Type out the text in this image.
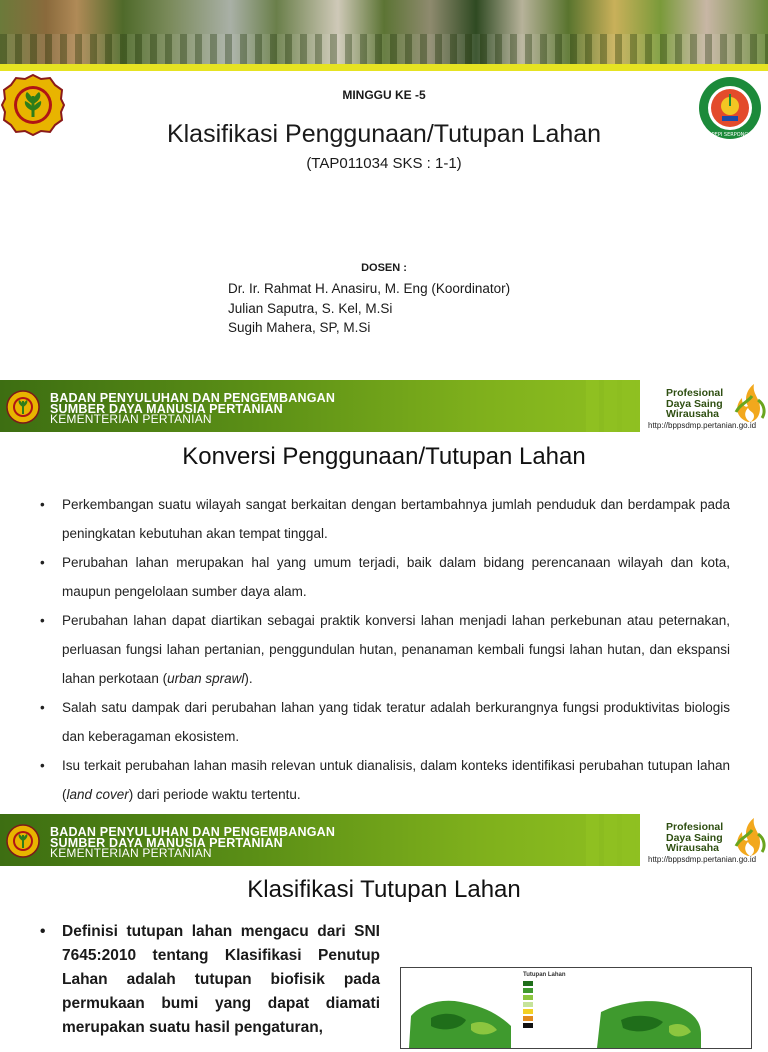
PEPI SERPONG
MINGGU KE -5
Klasifikasi Penggunaan/Tutupan Lahan
(TAP011034 SKS : 1-1)
DOSEN :
Dr. Ir. Rahmat H. Anasiru, M. Eng (Koordinator)
Julian Saputra, S. Kel, M.Si
Sugih Mahera, SP, M.Si
BADAN PENYULUHAN DAN PENGEMBANGAN
SUMBER DAYA MANUSIA PERTANIAN
KEMENTERIAN PERTANIAN
Profesional
Daya Saing
Wirausaha
http://bppsdmp.pertanian.go.id
Konversi Penggunaan/Tutupan Lahan
• Perkembangan suatu wilayah sangat berkaitan dengan bertambahnya jumlah penduduk dan berdampak pada peningkatan kebutuhan akan tempat tinggal.
• Perubahan lahan merupakan hal yang umum terjadi, baik dalam bidang perencanaan wilayah dan kota, maupun pengelolaan sumber daya alam.
• Perubahan lahan dapat diartikan sebagai praktik konversi lahan menjadi lahan perkebunan atau peternakan, perluasan fungsi lahan pertanian, penggundulan hutan, penanaman kembali fungsi lahan hutan, dan ekspansi lahan perkotaan (urban sprawl).
• Salah satu dampak dari perubahan lahan yang tidak teratur adalah berkurangnya fungsi produktivitas biologis dan keberagaman ekosistem.
• Isu terkait perubahan lahan masih relevan untuk dianalisis, dalam konteks identifikasi perubahan tutupan lahan (land cover) dari periode waktu tertentu.
BADAN PENYULUHAN DAN PENGEMBANGAN
SUMBER DAYA MANUSIA PERTANIAN
KEMENTERIAN PERTANIAN
Profesional
Daya Saing
Wirausaha
http://bppsdmp.pertanian.go.id
Klasifikasi Tutupan Lahan
•	Definisi tutupan lahan mengacu dari SNI 7645:2010 tentang Klasifikasi Penutup Lahan adalah tutupan biofisik pada permukaan bumi yang dapat diamati merupakan suatu hasil pengaturan,
Tutupan Lahan
